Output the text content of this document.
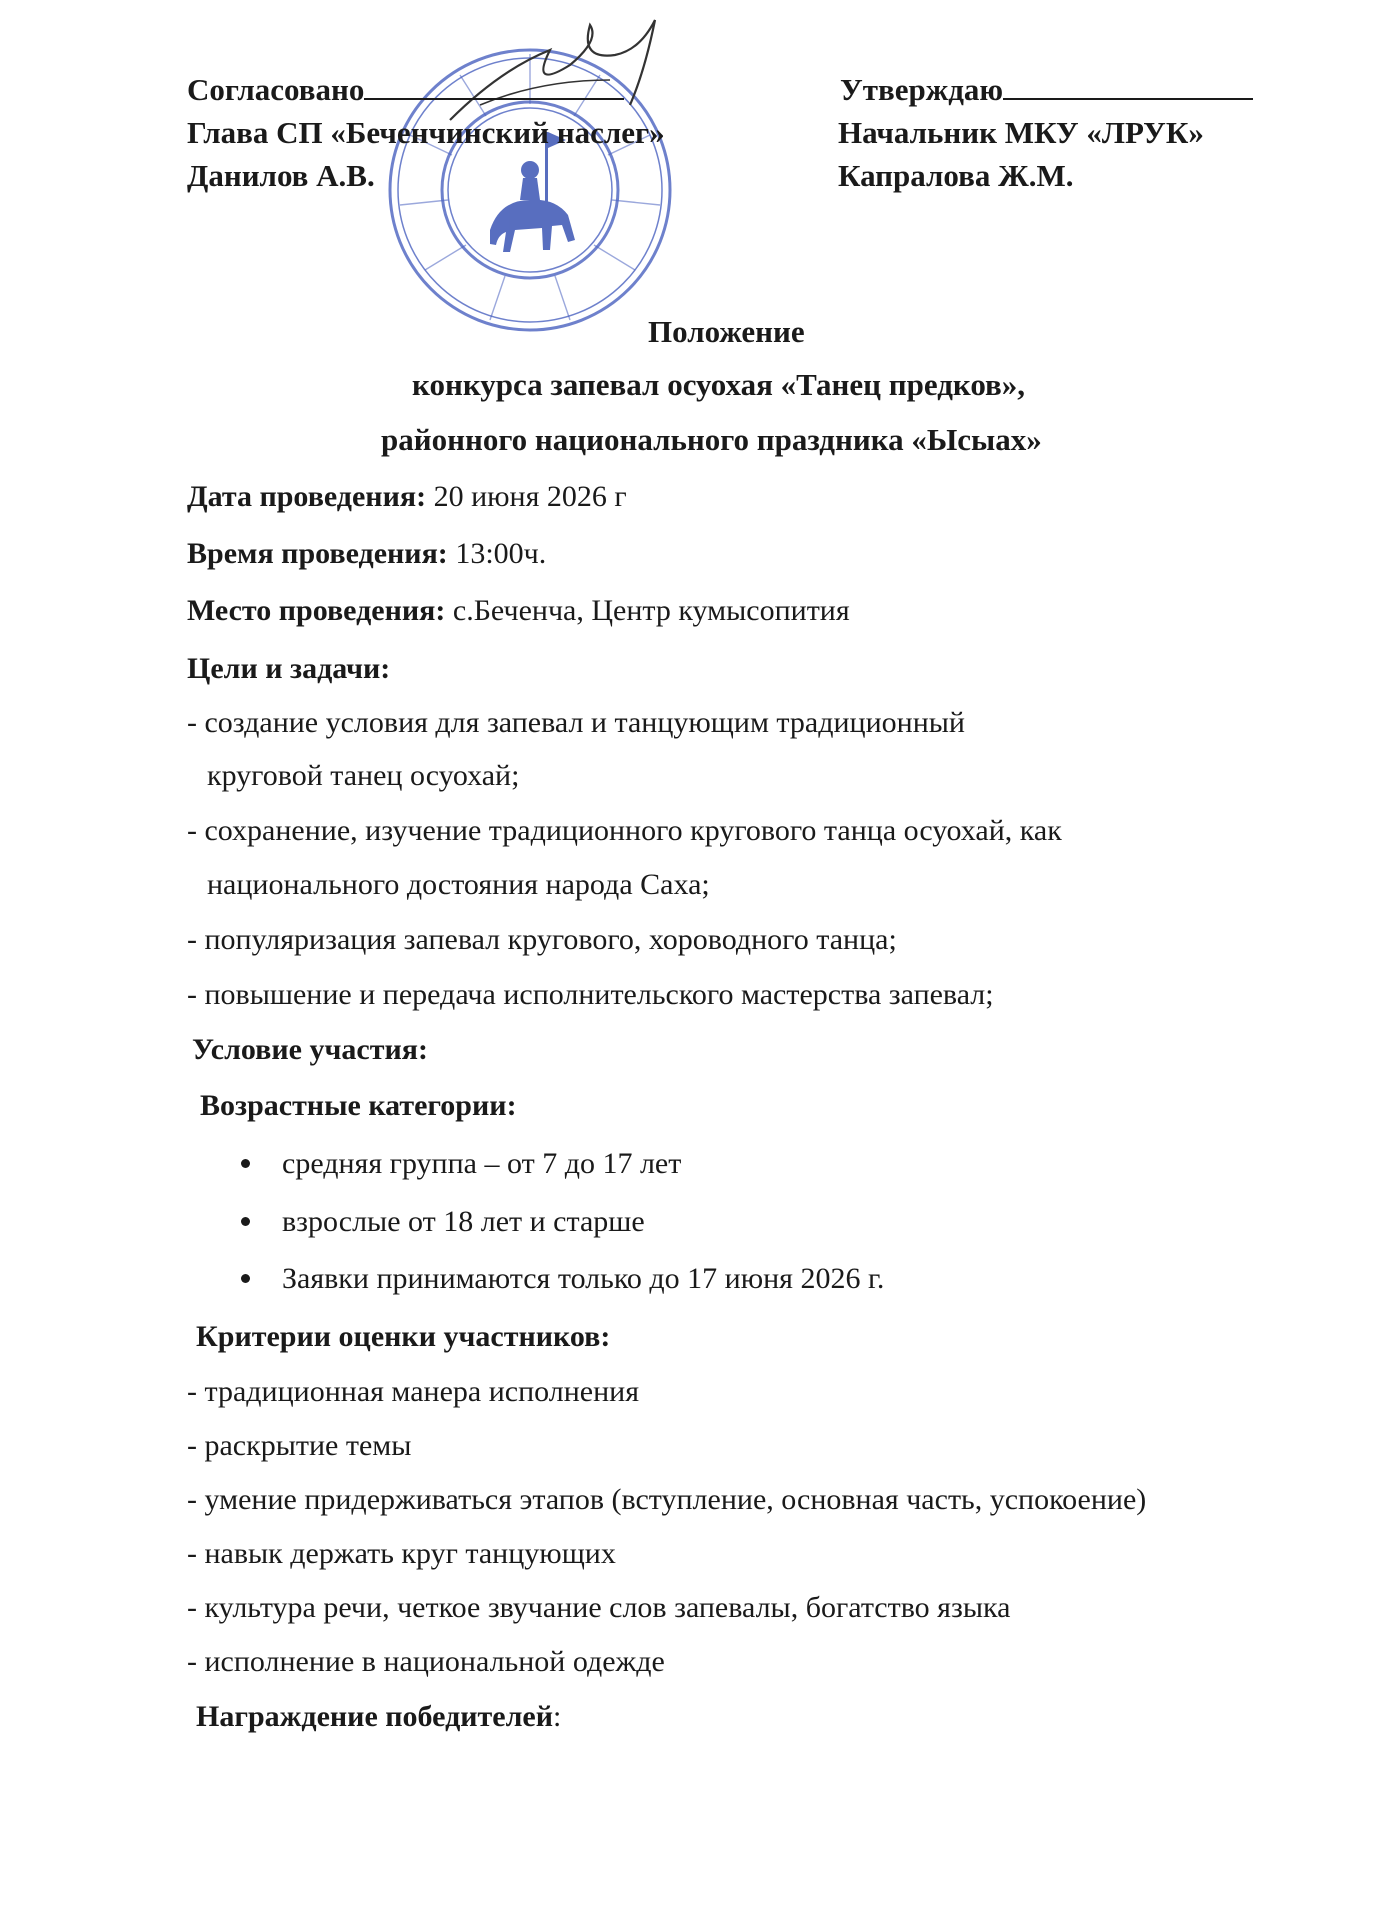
Согласовано
Глава СП «Беченчинский наслег»
Данилов А.В.
Утверждаю
Начальник МКУ «ЛРУК»
Капралова Ж.М.
Положение
конкурса запевал осуохая «Танец предков»,
районного национального праздника «Ысыах»
Дата проведения: 20 июня 2026 г
Время проведения: 13:00ч.
Место проведения: с.Беченча, Центр кумысопития
Цели и задачи:
- создание условия для запевал и танцующим традиционный
круговой танец осуохай;
- сохранение, изучение традиционного кругового танца осуохай, как
национального достояния народа Саха;
- популяризация запевал кругового, хороводного танца;
- повышение и передача исполнительского мастерства запевал;
Условие участия:
Возрастные категории:
средняя группа – от 7 до 17 лет
взрослые от 18 лет и старше
Заявки принимаются только до 17 июня 2026 г.
Критерии оценки участников:
- традиционная манера исполнения
- раскрытие темы
- умение придерживаться этапов (вступление, основная часть, успокоение)
- навык держать круг танцующих
- культура речи, четкое звучание слов запевалы, богатство языка
- исполнение в национальной одежде
Награждение победителей:
